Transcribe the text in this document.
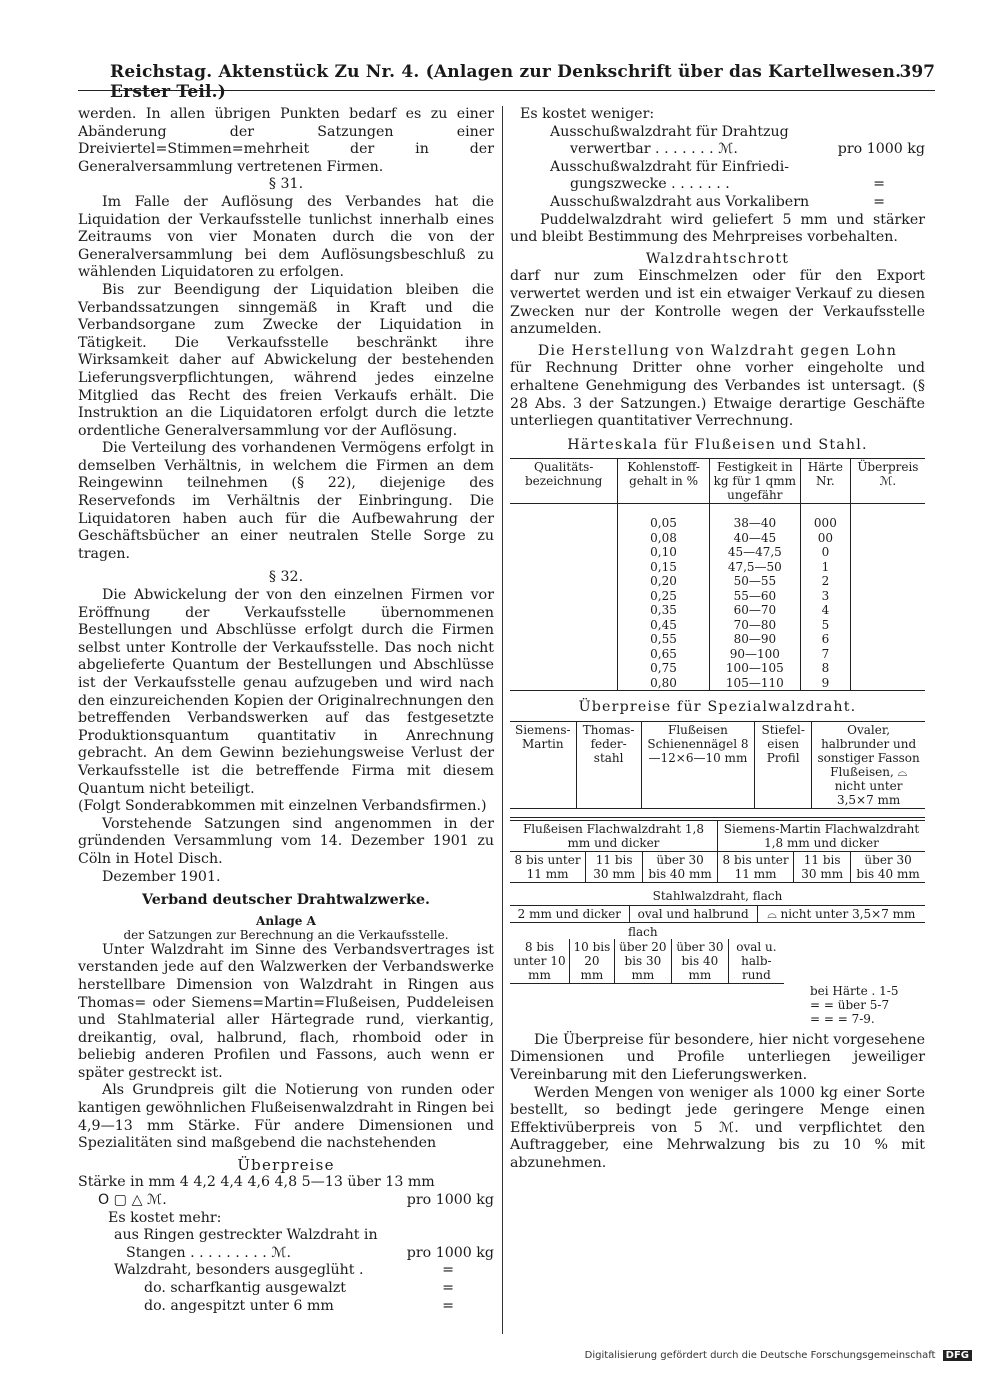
Reichstag. Aktenstück Zu Nr. 4. (Anlagen zur Denkschrift über das Kartellwesen. Erster Teil.)
397

werden. In allen übrigen Punkten bedarf es zu einer Abänderung der Satzungen einer Dreiviertel=Stimmen=mehrheit der in der Generalversammlung vertretenen Firmen.

§ 31.

Im Falle der Auflösung des Verbandes hat die Liquidation der Verkaufsstelle tunlichst innerhalb eines Zeitraums von vier Monaten durch die von der Generalversammlung bei dem Auflösungsbeschluß zu wählenden Liquidatoren zu erfolgen.

Bis zur Beendigung der Liquidation bleiben die Verbandssatzungen sinngemäß in Kraft und die Verbandsorgane zum Zwecke der Liquidation in Tätigkeit. Die Verkaufsstelle beschränkt ihre Wirksamkeit daher auf Abwickelung der bestehenden Lieferungsverpflichtungen, während jedes einzelne Mitglied das Recht des freien Verkaufs erhält. Die Instruktion an die Liquidatoren erfolgt durch die letzte ordentliche Generalversammlung vor der Auflösung.

Die Verteilung des vorhandenen Vermögens erfolgt in demselben Verhältnis, in welchem die Firmen an dem Reingewinn teilnehmen (§ 22), diejenige des Reservefonds im Verhältnis der Einbringung. Die Liquidatoren haben auch für die Aufbewahrung der Geschäftsbücher an einer neutralen Stelle Sorge zu tragen.

§ 32.

Die Abwickelung der von den einzelnen Firmen vor Eröffnung der Verkaufsstelle übernommenen Bestellungen und Abschlüsse erfolgt durch die Firmen selbst unter Kontrolle der Verkaufsstelle. Das noch nicht abgelieferte Quantum der Bestellungen und Abschlüsse ist der Verkaufsstelle genau aufzugeben und wird nach den einzureichenden Kopien der Originalrechnungen den betreffenden Verbandswerken auf das festgesetzte Produktionsquantum quantitativ in Anrechnung gebracht. An dem Gewinn beziehungsweise Verlust der Verkaufsstelle ist die betreffende Firma mit diesem Quantum nicht beteiligt.

(Folgt Sonderabkommen mit einzelnen Verbandsfirmen.)

Vorstehende Satzungen sind angenommen in der gründenden Versammlung vom 14. Dezember 1901 zu Cöln in Hotel Disch.

Dezember 1901.

Verband deutscher Drahtwalzwerke.

Anlage A

der Satzungen zur Berechnung an die Verkaufsstelle.

Unter Walzdraht im Sinne des Verbandsvertrages ist verstanden jede auf den Walzwerken der Verbandswerke herstellbare Dimension von Walzdraht in Ringen aus Thomas= oder Siemens=Martin=Flußeisen, Puddeleisen und Stahlmaterial aller Härtegrade rund, vierkantig, dreikantig, oval, halbrund, flach, rhomboid oder in beliebig anderen Profilen und Fassons, auch wenn er später gestreckt ist.

Als Grundpreis gilt die Notierung von runden oder kantigen gewöhnlichen Flußeisenwalzdraht in Ringen bei 4,9—13 mm Stärke. Für andere Dimensionen und Spezialitäten sind maßgebend die nachstehenden

Überpreise

Stärke in mm 4 4,2 4,4 4,6 4,8 5—13 über 13 mm

O ▢ △ ℳ.	pro 1000 kg

Es kostet mehr:

aus Ringen gestreckter Walzdraht in

Stangen . . . . . . . . . ℳ.	pro 1000 kg
Walzdraht, besonders ausgeglüht .	=
do. scharfkantig ausgewalzt	=
do. angespitzt unter 6 mm	=

Es kostet weniger:

Ausschußwalzdraht für Drahtzug

verwertbar . . . . . . . ℳ.	pro 1000 kg

Ausschußwalzdraht für Einfriedi-

gungszwecke . . . . . . .	=
Ausschußwalzdraht aus Vorkalibern	=

Puddelwalzdraht wird geliefert 5 mm und stärker und bleibt Bestimmung des Mehrpreises vorbehalten.

Walzdrahtschrott

darf nur zum Einschmelzen oder für den Export verwertet werden und ist ein etwaiger Verkauf zu diesen Zwecken nur der Kontrolle wegen der Verkaufsstelle anzumelden.

Die Herstellung von Walzdraht gegen Lohn

für Rechnung Dritter ohne vorher eingeholte und erhaltene Genehmigung des Verbandes ist untersagt. (§ 28 Abs. 3 der Satzungen.) Etwaige derartige Geschäfte unterliegen quantitativer Verrechnung.

Härteskala für Flußeisen und Stahl.

Qualitäts-bezeichnung	Kohlenstoff-gehalt in %	Festigkeit in kg für 1 qmm ungefähr	Härte Nr.	Überpreis ℳ.

	0,05	38—40	000	
	0,08	40—45	00	
	0,10	45—47,5	0	
	0,15	47,5—50	1	
	0,20	50—55	2	
	0,25	55—60	3	
	0,35	60—70	4	
	0,45	70—80	5	
	0,55	80—90	6	
	0,65	90—100	7	
	0,75	100—105	8	
	0,80	105—110	9	

Überpreise für Spezialwalzdraht.

Siemens-Martin	Thomas-feder-stahl	Flußeisen Schienennägel 8—12×6—10 mm	Stiefel-eisen Profil	Ovaler, halbrunder und sonstiger Fasson Flußeisen, ⌓ nicht unter 3,5×7 mm

Flußeisen Flachwalzdraht 1,8 mm und dicker			Siemens-Martin Flachwalzdraht 1,8 mm und dicker		
8 bis unter 11 mm	11 bis 30 mm	über 30 bis 40 mm	8 bis unter 11 mm	11 bis 30 mm	über 30 bis 40 mm

Stahlwalzdraht, flach

2 mm und dicker	oval und halbrund	⌓ nicht unter 3,5×7 mm

flach

8 bis unter 10 mm	10 bis 20 mm	über 20 bis 30 mm	über 30 bis 40 mm	oval u. halb-rund
bei Härte . 1-5
= = über 5-7
= = = 7-9.

Die Überpreise für besondere, hier nicht vorgesehene Dimensionen und Profile unterliegen jeweiliger Vereinbarung mit den Lieferungswerken.

Werden Mengen von weniger als 1000 kg einer Sorte bestellt, so bedingt jede geringere Menge einen Effektivüberpreis von 5 ℳ. und verpflichtet den Auftraggeber, eine Mehrwalzung bis zu 10 % mit abzunehmen.

Digitalisierung gefördert durch die Deutsche Forschungsgemeinschaft DFG
